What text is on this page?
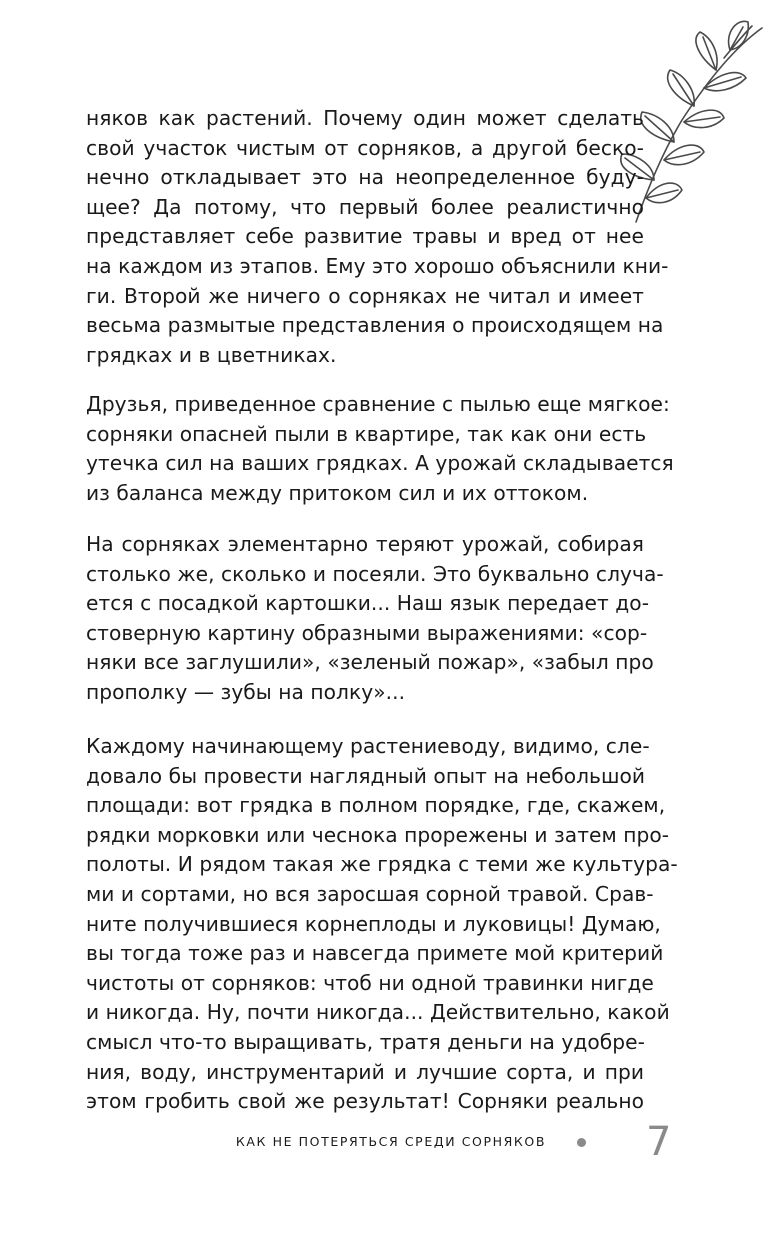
няков как растений. Почему один может сделать
свой участок чистым от сорняков, а другой беско-
нечно откладывает это на неопределенное буду-
щее? Да потому, что первый более реалистично
представляет себе развитие травы и вред от нее
на каждом из этапов. Ему это хорошо объяснили кни-
ги. Второй же ничего о сорняках не читал и имеет
весьма размытые представления о происходящем на
грядках и в цветниках.
Друзья, приведенное сравнение с пылью еще мягкое:
сорняки опасней пыли в квартире, так как они есть
утечка сил на ваших грядках. А урожай складывается
из баланса между притоком сил и их оттоком.
На сорняках элементарно теряют урожай, собирая
столько же, сколько и посеяли. Это буквально случа-
ется с посадкой картошки... Наш язык передает до-
стоверную картину образными выражениями: «сор-
няки все заглушили», «зеленый пожар», «забыл про
прополку — зубы на полку»...
Каждому начинающему растениеводу, видимо, сле-
довало бы провести наглядный опыт на небольшой
площади: вот грядка в полном порядке, где, скажем,
рядки морковки или чеснока прорежены и затем про-
полоты. И рядом такая же грядка с теми же культура-
ми и сортами, но вся заросшая сорной травой. Срав-
ните получившиеся корнеплоды и луковицы! Думаю,
вы тогда тоже раз и навсегда примете мой критерий
чистоты от сорняков: чтоб ни одной травинки нигде
и никогда. Ну, почти никогда... Действительно, какой
смысл что-то выращивать, тратя деньги на удобре-
ния, воду, инструментарий и лучшие сорта, и при
этом гробить свой же результат! Сорняки реально
КАК НЕ ПОТЕРЯТЬСЯ СРЕДИ СОРНЯКОВ	7
